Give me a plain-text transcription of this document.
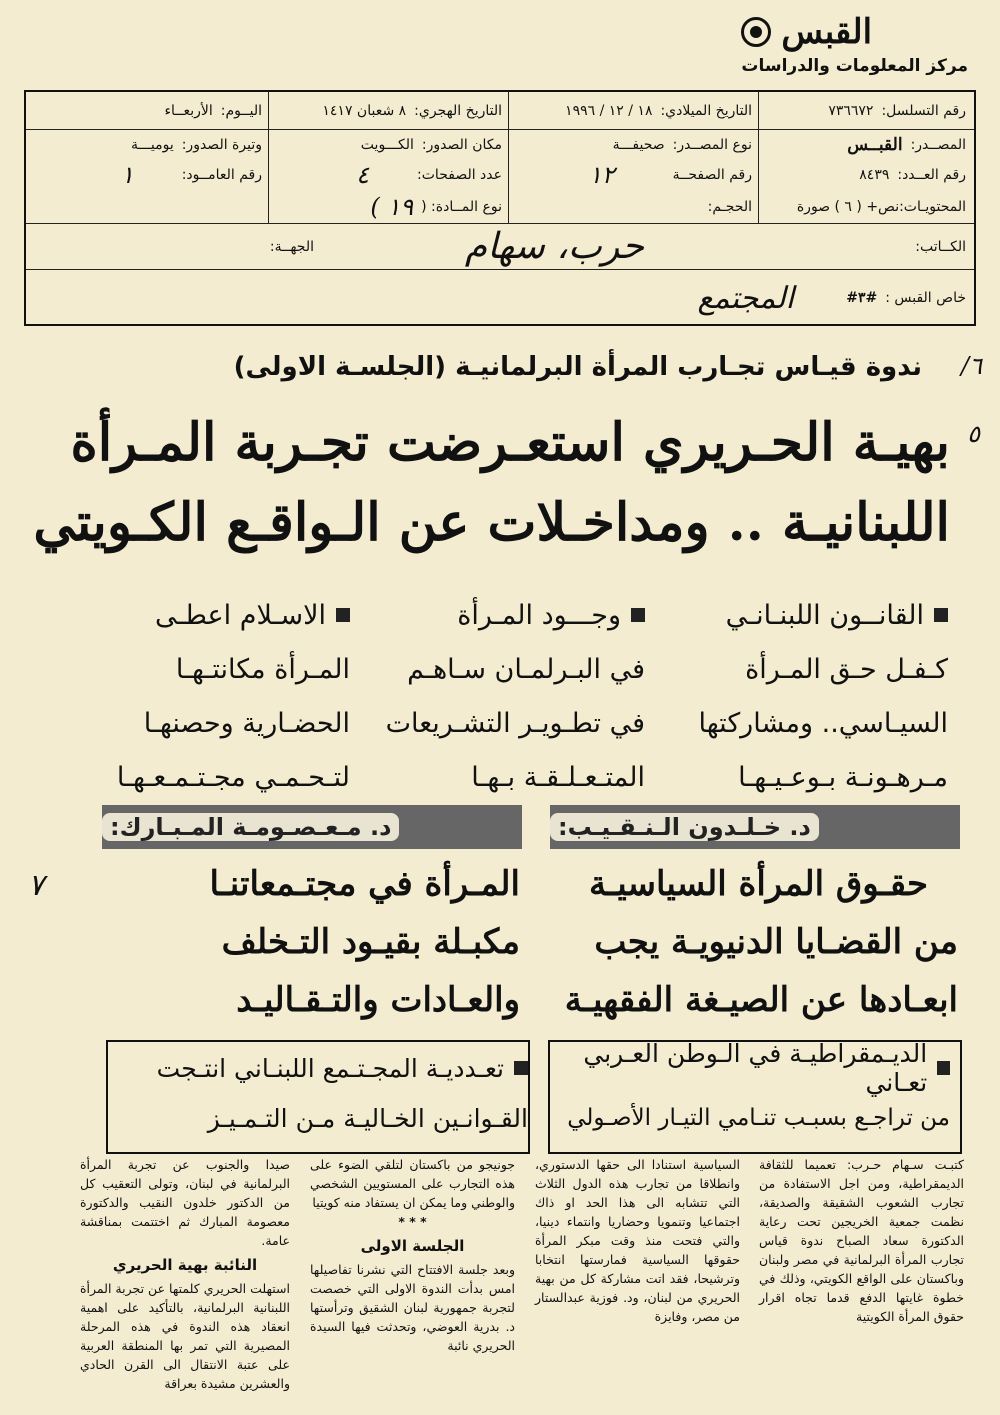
القبس
مركز المعلومات والدراسات
رقم التسلسل:
٧٣٦٦٧٢
التاريخ الميلادي:
١٨ / ١٢ / ١٩٩٦
التاريخ الهجري:
٨ شعبان ١٤١٧
اليــوم:
الأربعــاء
المصــدر:
القبــس
نوع المصــدر:
صحيفـــة
مكان الصدور:
الكـــويت
وتيرة الصدور:
يوميـــة
رقم العــدد:
٨٤٣٩
رقم الصفحــة
١٢
عدد الصفحات:
٤
رقم العامــود:
١
المحتويـات:نص+ ( ٦ ) صورة
الحجـم:
نوع المــادة: (
١٩ )
الكــاتب:
حرب، سهام
الجهــة:
خاص القبس :
#٣#
المجتمع
ندوة قيـاس تجـارب المرأة البرلمانيـة (الجلسـة الاولى)
بهيـة الحـريري استعـرضت تجـربة المـرأة
اللبنانيـة .. ومداخـلات عن الـواقـع الكـويتي
٦/
٥
٧
القانــون اللبنـانـي
كـفـل حـق المـرأة
السيـاسي.. ومشاركتها
مـرهـونـة بـوعـيـهـا
وجـــود المـرأة
في البـرلمـان سـاهـم
في تطـويـر التشـريعات
المتـعـلـقـة بـهـا
الاسـلام اعطـى
المـرأة مكانتـهـا
الحضـارية وحصنهـا
لتـحـمـي مجـتـمـعـهـا
د. خـلـدون الـنـقـيـب:
د. مـعـصـومـة المـبـارك:
حقـوق المرأة السياسيـة
من القضـايا الدنيويـة يجب
ابعـادها عن الصيـغة الفقهيـة
المـرأة في مجتـمعاتنـا
مكبـلة بقيـود التـخلف
والعـادات والتـقـاليـد
الديـمقراطيـة في الـوطن العـربي تعـاني
من تراجـع بسبـب تنـامي التيـار الأصـولي
تعـدديـة المجـتـمع اللبنـاني انتـجت
القـوانـين الخـاليـة مـن التـمـيـز

كتبـت سـهام حـرب: تعميما للثقافة الديمقراطية، ومن اجل الاستفادة من تجارب الشعوب الشقيقة والصديقة، نظمت جمعية الخريجين تحت رعاية الدكتورة سعاد الصباح ندوة قياس تجارب المرأة البرلمانية في مصر ولبنان وباكستان على الواقع الكويتي، وذلك في خطوة غايتها الدفع قدما تجاه اقرار حقوق المرأة الكويتية

السياسية استنادا الى حقها الدستوري، وانطلاقا من تجارب هذه الدول الثلاث التي تتشابه الى هذا الحد او ذاك اجتماعيا وتنمويا وحضاريا وانتماء دينيا، والتي فتحت منذ وقت مبكر المرأة حقوقها السياسية فمارستها انتخابا وترشيحا، فقد اتت مشاركة كل من بهية الحريري من لبنان، ود. فوزية عبدالستار من مصر، وفايزة

جونيجو من باكستان لتلقي الضوء على هذه التجارب على المستويين الشخصي والوطني وما يمكن ان يستفاد منه كويتيا

* * *
الجلسة الاولى

وبعد جلسة الافتتاح التي نشرنا تفاصيلها امس بدأت الندوة الاولى التي خصصت لتجربة جمهورية لبنان الشقيق وترأستها د. بدرية العوضي، وتحدثت فيها السيدة الحريري نائبة

صيدا والجنوب عن تجربة المرأة البرلمانية في لبنان، وتولى التعقيب كل من الدكتور خلدون النقيب والدكتورة معصومة المبارك ثم اختتمت بمناقشة عامة.

النائبة بهية الحريري

استهلت الحريري كلمتها عن تجربة المرأة اللبنانية البرلمانية، بالتأكيد على اهمية انعقاد هذه الندوة في هذه المرحلة المصيرية التي تمر بها المنطقة العربية على عتبة الانتقال الى القرن الحادي والعشرين مشيدة بعراقة
